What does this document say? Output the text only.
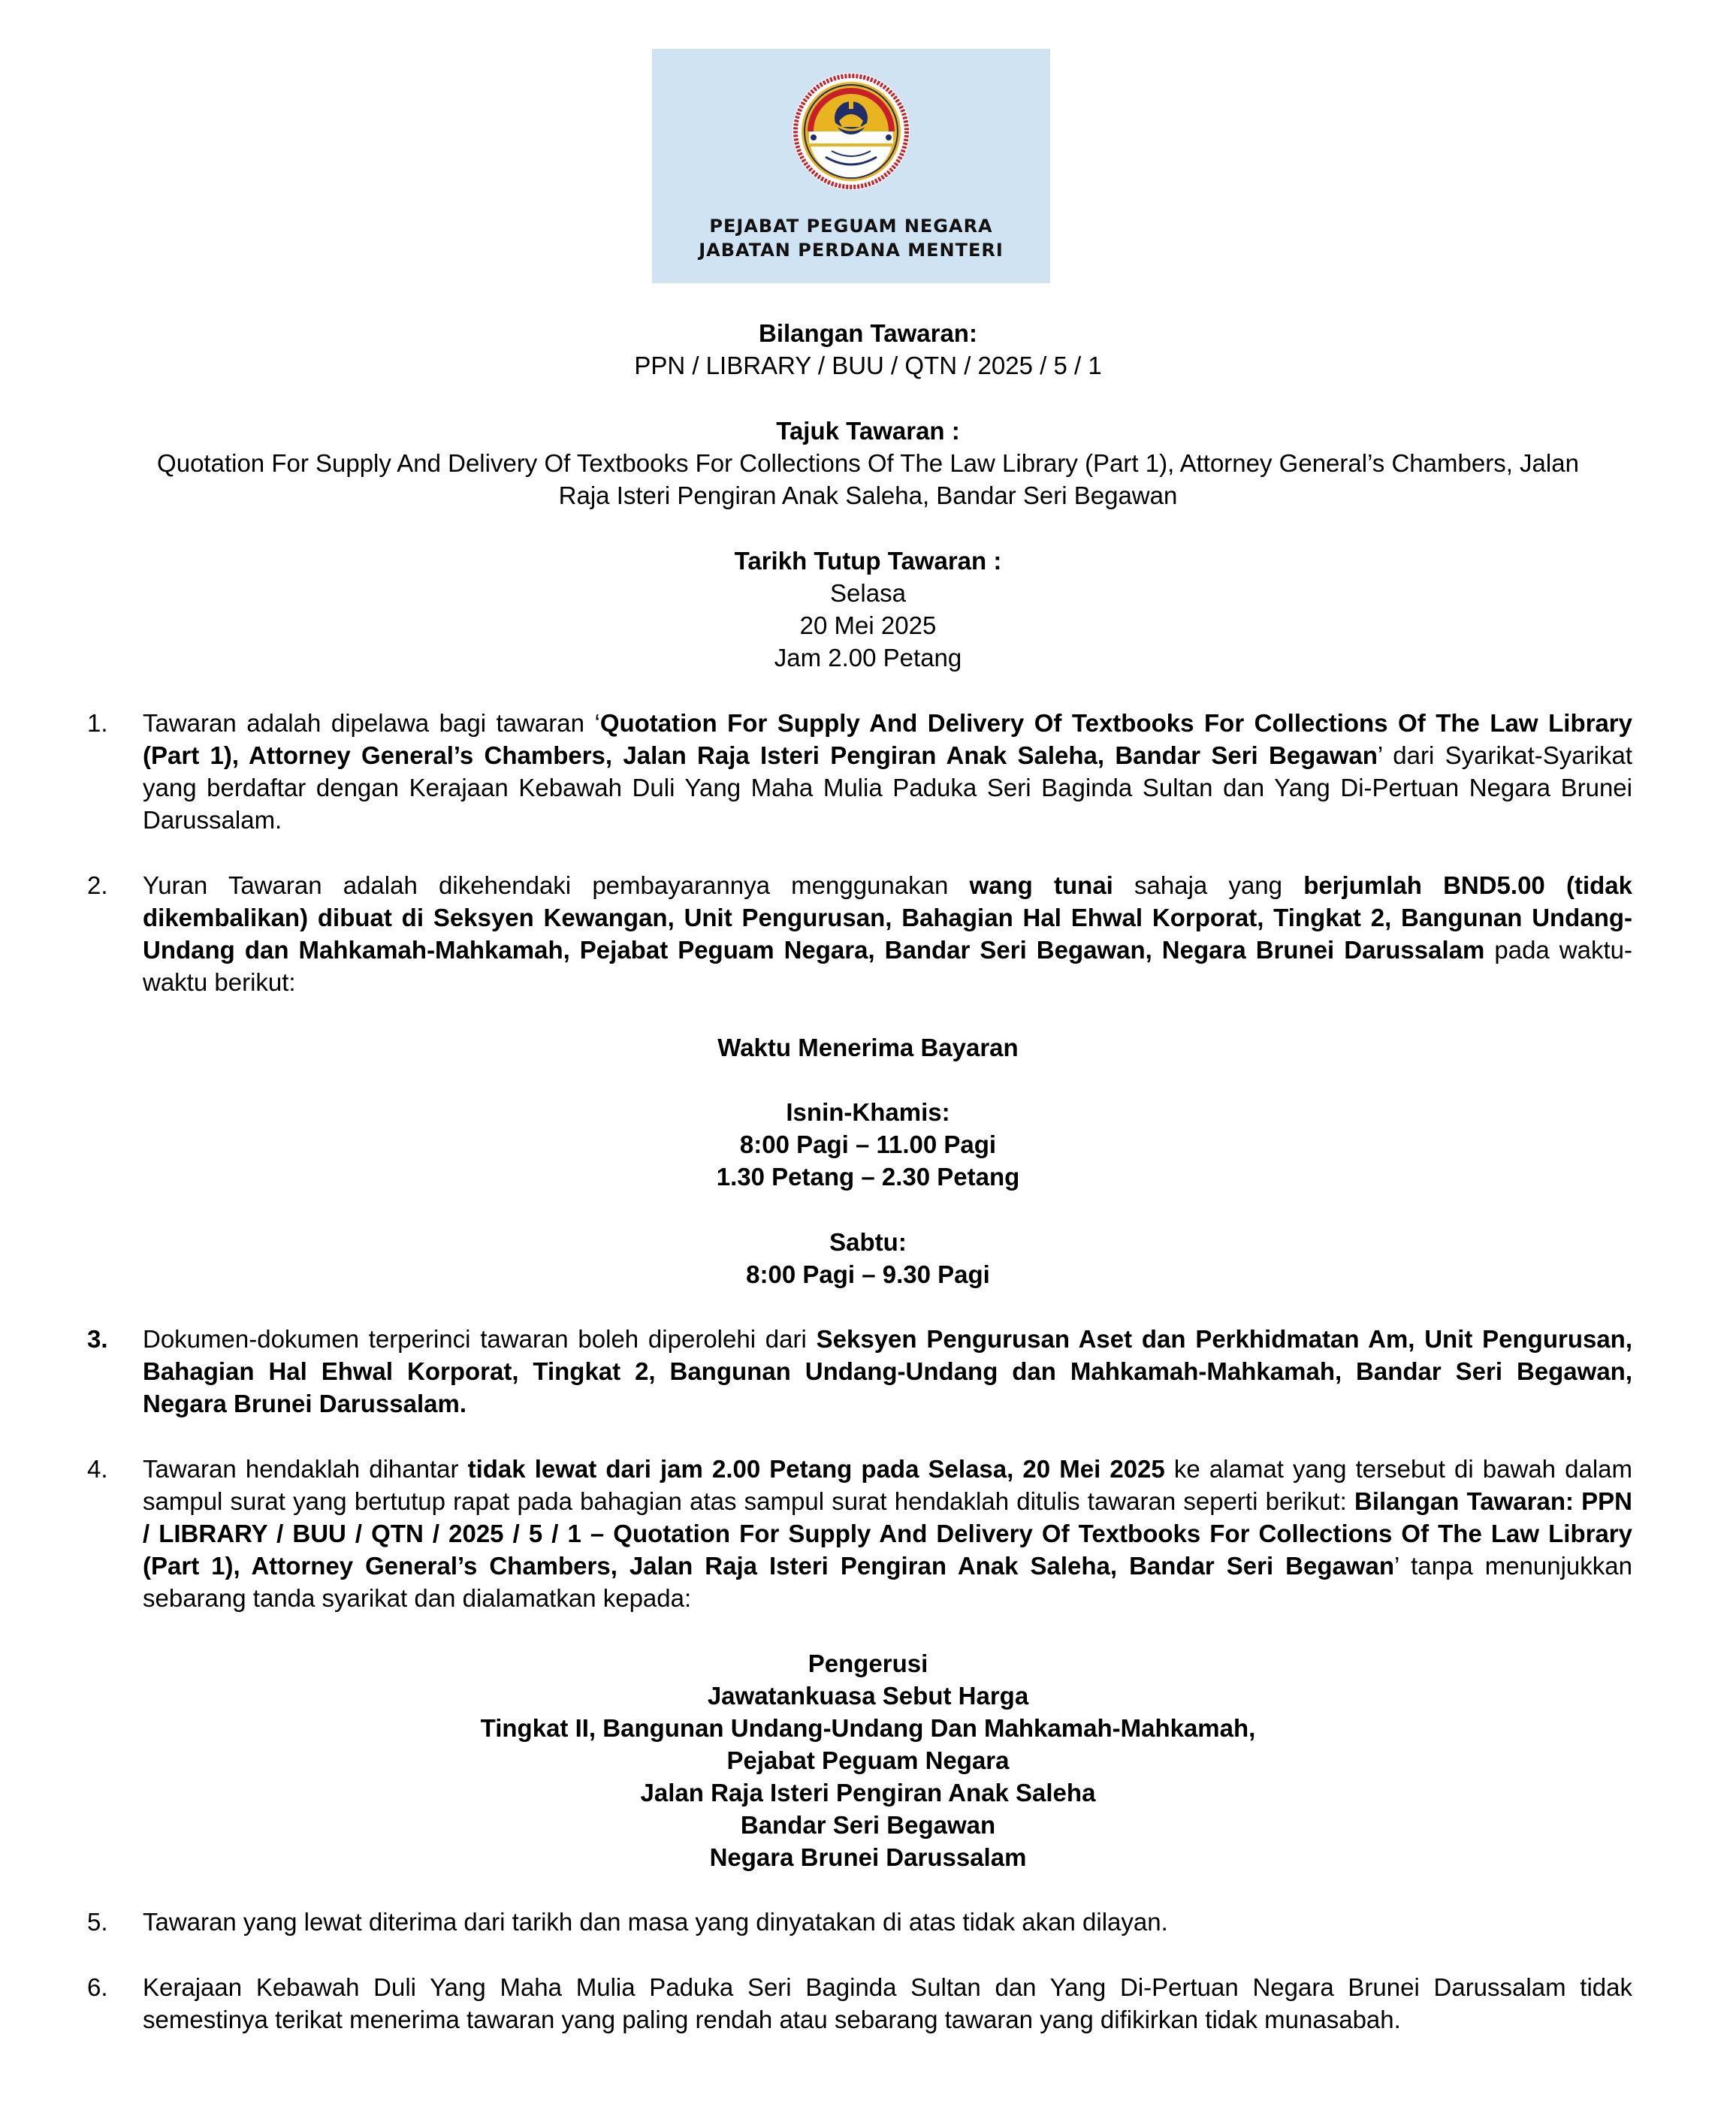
PEJABAT PEGUAM NEGARA
JABATAN PERDANA MENTERI
Bilangan Tawaran:
PPN / LIBRARY / BUU / QTN / 2025 / 5 / 1
Tajuk Tawaran :
Quotation For Supply And Delivery Of Textbooks For Collections Of The Law Library (Part 1), Attorney General’s Chambers, Jalan
Raja Isteri Pengiran Anak Saleha, Bandar Seri Begawan
Tarikh Tutup Tawaran :
Selasa
20 Mei 2025
Jam 2.00 Petang
1. Tawaran adalah dipelawa bagi tawaran ‘Quotation For Supply And Delivery Of Textbooks For Collections Of The Law Library (Part 1), Attorney General’s Chambers, Jalan Raja Isteri Pengiran Anak Saleha, Bandar Seri Begawan’ dari Syarikat-Syarikat yang berdaftar dengan Kerajaan Kebawah Duli Yang Maha Mulia Paduka Seri Baginda Sultan dan Yang Di-Pertuan Negara Brunei Darussalam.
2. Yuran Tawaran adalah dikehendaki pembayarannya menggunakan wang tunai sahaja yang berjumlah BND5.00 (tidak dikembalikan) dibuat di Seksyen Kewangan, Unit Pengurusan, Bahagian Hal Ehwal Korporat, Tingkat 2, Bangunan Undang-Undang dan Mahkamah-Mahkamah, Pejabat Peguam Negara, Bandar Seri Begawan, Negara Brunei Darussalam pada waktu-waktu berikut:
Waktu Menerima Bayaran
Isnin-Khamis:
8:00 Pagi – 11.00 Pagi
1.30 Petang – 2.30 Petang
Sabtu:
8:00 Pagi – 9.30 Pagi
3. Dokumen-dokumen terperinci tawaran boleh diperolehi dari Seksyen Pengurusan Aset dan Perkhidmatan Am, Unit Pengurusan, Bahagian Hal Ehwal Korporat, Tingkat 2, Bangunan Undang-Undang dan Mahkamah-Mahkamah, Bandar Seri Begawan, Negara Brunei Darussalam.
4. Tawaran hendaklah dihantar tidak lewat dari jam 2.00 Petang pada Selasa, 20 Mei 2025 ke alamat yang tersebut di bawah dalam sampul surat yang bertutup rapat pada bahagian atas sampul surat hendaklah ditulis tawaran seperti berikut: Bilangan Tawaran: PPN / LIBRARY / BUU / QTN / 2025 / 5 / 1 – Quotation For Supply And Delivery Of Textbooks For Collections Of The Law Library (Part 1), Attorney General’s Chambers, Jalan Raja Isteri Pengiran Anak Saleha, Bandar Seri Begawan’ tanpa menunjukkan sebarang tanda syarikat dan dialamatkan kepada:
Pengerusi
Jawatankuasa Sebut Harga
Tingkat II, Bangunan Undang-Undang Dan Mahkamah-Mahkamah,
Pejabat Peguam Negara
Jalan Raja Isteri Pengiran Anak Saleha
Bandar Seri Begawan
Negara Brunei Darussalam
5. Tawaran yang lewat diterima dari tarikh dan masa yang dinyatakan di atas tidak akan dilayan.
6. Kerajaan Kebawah Duli Yang Maha Mulia Paduka Seri Baginda Sultan dan Yang Di-Pertuan Negara Brunei Darussalam tidak semestinya terikat menerima tawaran yang paling rendah atau sebarang tawaran yang difikirkan tidak munasabah.
